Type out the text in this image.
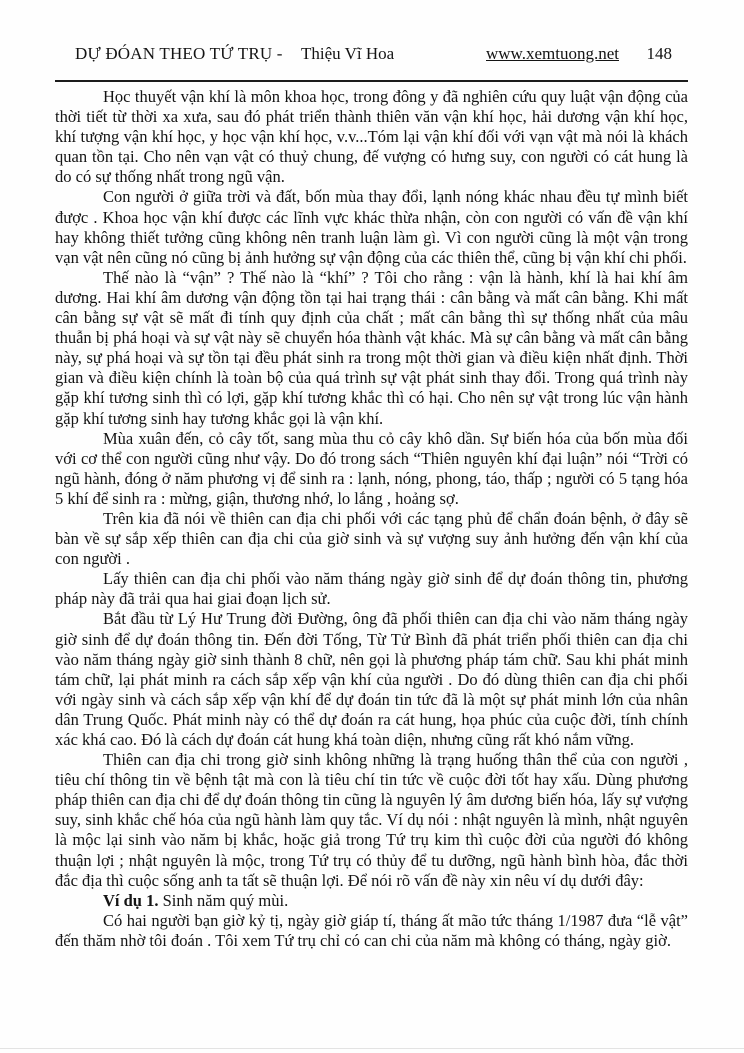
DỰ ĐÓAN THEO TỨ TRỤ - Thiệu Vĩ Hoa	www.xemtuong.net 148

Học thuyết vận khí là môn khoa học, trong đông y đã nghiên cứu quy luật vận động của thời tiết từ thời xa xưa, sau đó phát triển thành thiên văn vận khí học, hải dương vận khí học, khí tượng vận khí học, y học vận khí học, v.v...Tóm lại vận khí đối với vạn vật mà nói là khách quan tồn tại. Cho nên vạn vật có thuỷ chung, đế vượng có hưng suy, con người có cát hung là do có sự thống nhất trong ngũ vận.

Con người ở giữa trời và đất, bốn mùa thay đổi, lạnh nóng khác nhau đều tự mình biết được . Khoa học vận khí được các lĩnh vực khác thừa nhận, còn con người có vấn đề vận khí hay không thiết tưởng cũng không nên tranh luận làm gì. Vì con người cũng là một vận trong vạn vật nên cũng nó cũng bị ảnh hưởng sự vận động của các thiên thể, cũng bị vận khí chi phối.

Thế nào là “vận” ? Thế nào là “khí” ? Tôi cho rằng : vận là hành, khí là hai khí âm dương. Hai khí âm dương vận động tồn tại hai trạng thái : cân bằng và mất cân bằng. Khi mất cân bằng sự vật sẽ mất đi tính quy định của chất ; mất cân bằng thì sự thống nhất của mâu thuẫn bị phá hoại và sự vật này sẽ chuyển hóa thành vật khác. Mà sự cân bằng và mất cân bằng này, sự phá hoại và sự tồn tại đều phát sinh ra trong một thời gian và điều kiện nhất định. Thời gian và điều kiện chính là toàn bộ của quá trình sự vật phát sinh thay đổi. Trong quá trình này gặp khí tương sinh thì có lợi, gặp khí tương khắc thì có hại. Cho nên sự vật trong lúc vận hành gặp khí tương sinh hay tương khắc gọi là vận khí.

Mùa xuân đến, cỏ cây tốt, sang mùa thu cỏ cây khô dần. Sự biến hóa của bốn mùa đối với cơ thể con người cũng như vậy. Do đó trong sách “Thiên nguyên khí đại luận” nói “Trời có ngũ hành, đóng ở năm phương vị để sinh ra : lạnh, nóng, phong, táo, thấp ; người có 5 tạng hóa 5 khí để sinh ra : mừng, giận, thương nhớ, lo lắng , hoảng sợ.

Trên kia đã nói về thiên can địa chi phối với các tạng phủ để chẩn đoán bệnh, ở đây sẽ bàn về sự sắp xếp thiên can địa chi của giờ sinh và sự vượng suy ảnh hưởng đến vận khí của con người .

Lấy thiên can địa chi phối vào năm tháng ngày giờ sinh để dự đoán thông tin, phương pháp này đã trải qua hai giai đoạn lịch sử.

Bắt đầu từ Lý Hư Trung đời Đường, ông đã phối thiên can địa chi vào năm tháng ngày giờ sinh để dự đoán thông tin. Đến đời Tống, Từ Tử Bình đã phát triển phối thiên can địa chi vào năm tháng ngày giờ sinh thành 8 chữ, nên gọi là phương pháp tám chữ. Sau khi phát minh tám chữ, lại phát minh ra cách sắp xếp vận khí của người . Do đó dùng thiên can địa chi phối với ngày sinh và cách sắp xếp vận khí để dự đoán tin tức đã là một sự phát minh lớn của nhân dân Trung Quốc. Phát minh này có thể dự đoán ra cát hung, họa phúc của cuộc đời, tính chính xác khá cao. Đó là cách dự đoán cát hung khá toàn diện, nhưng cũng rất khó nắm vững.

Thiên can địa chi trong giờ sinh không những là trạng huống thân thể của con người , tiêu chí thông tin về bệnh tật mà con là tiêu chí tin tức về cuộc đời tốt hay xấu. Dùng phương pháp thiên can địa chi để dự đoán thông tin cũng là nguyên lý âm dương biến hóa, lấy sự vượng suy, sinh khắc chế hóa của ngũ hành làm quy tắc. Ví dụ nói : nhật nguyên là mình, nhật nguyên là mộc lại sinh vào năm bị khắc, hoặc giả trong Tứ trụ kim thì cuộc đời của người đó không thuận lợi ; nhật nguyên là mộc, trong Tứ trụ có thủy để tu dưỡng, ngũ hành bình hòa, đắc thời đắc địa thì cuộc sống anh ta tất sẽ thuận lợi. Để nói rõ vấn đề này xin nêu ví dụ dưới đây:

Ví dụ 1. Sinh năm quý mùi.

Có hai người bạn giờ kỷ tị, ngày giờ giáp tí, tháng ất mão tức tháng 1/1987 đưa “lễ vật” đến thăm nhờ tôi đoán . Tôi xem Tứ trụ chỉ có can chi của năm mà không có tháng, ngày giờ.
